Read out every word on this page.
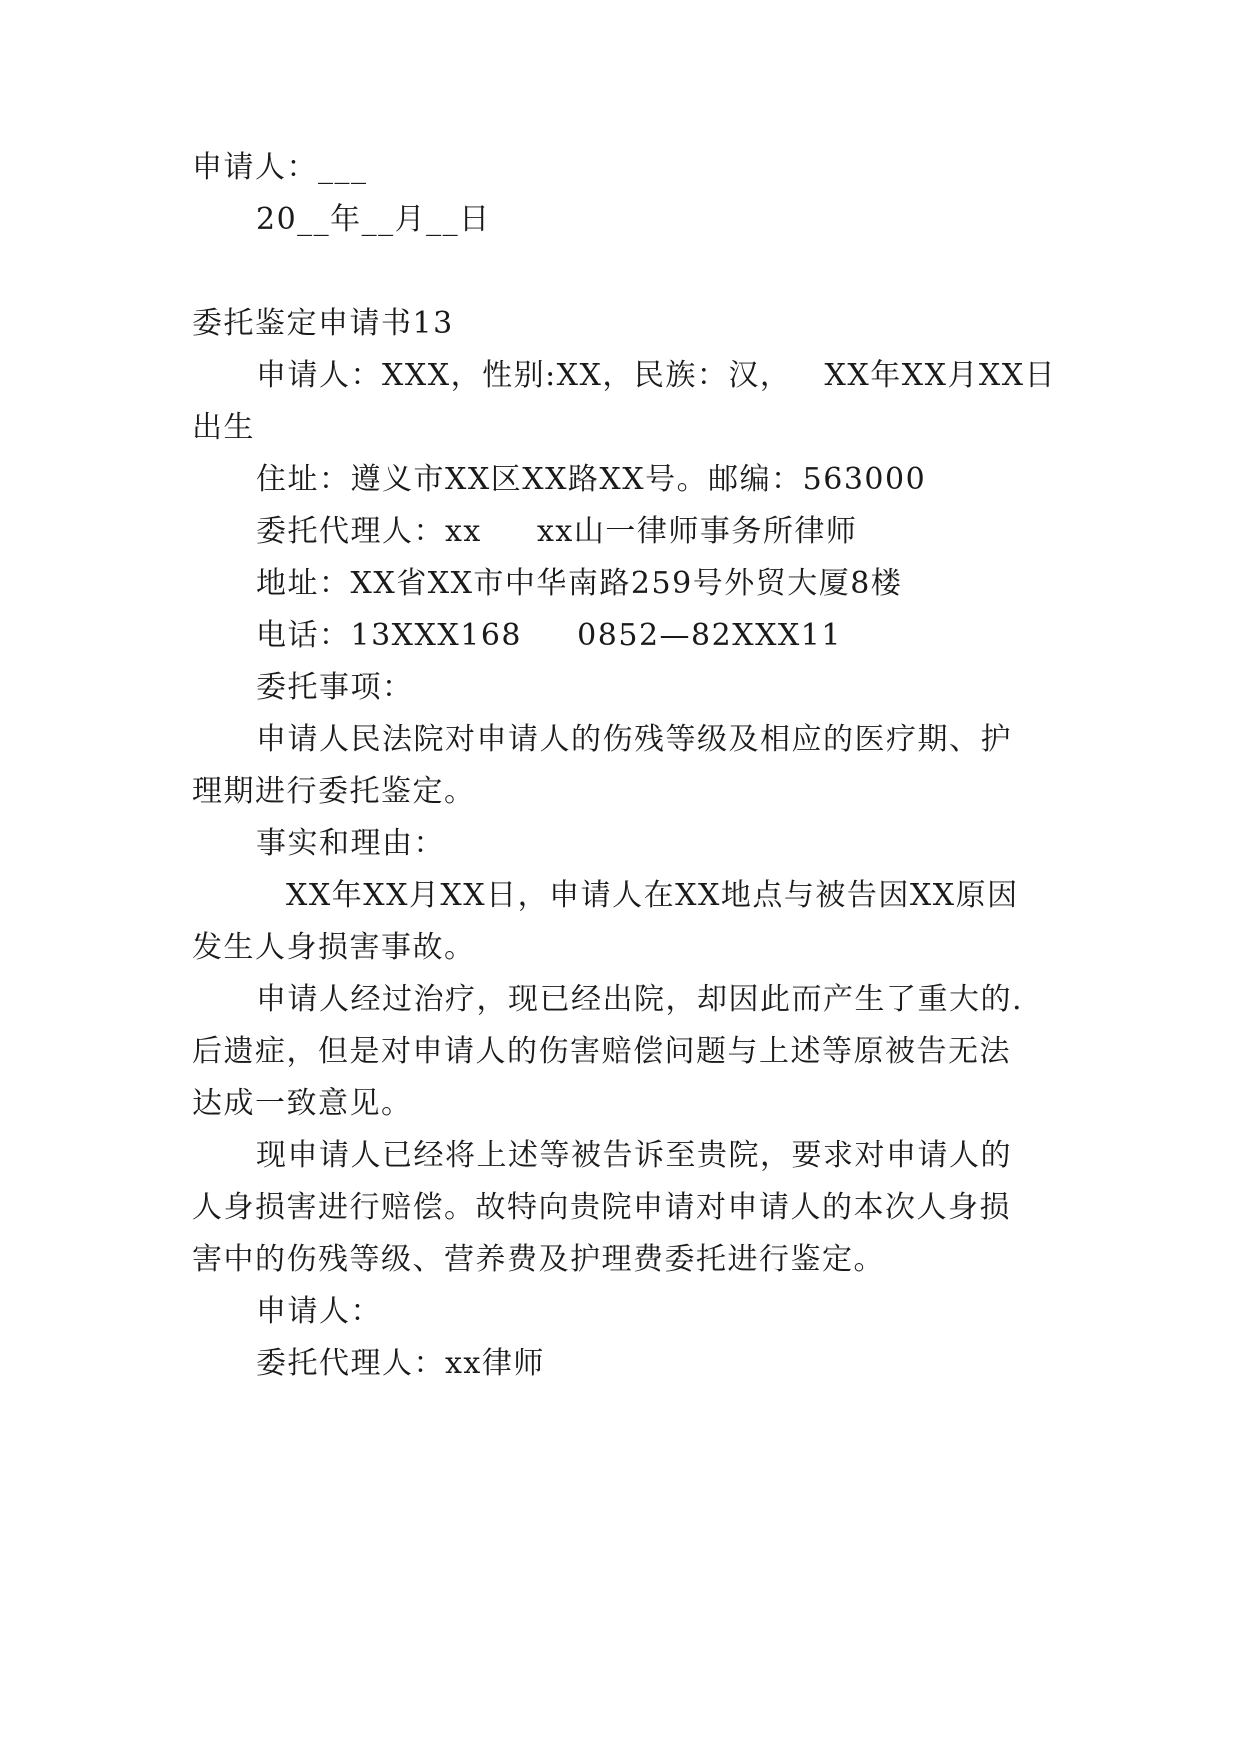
申请人：___
20__年__月__日
委托鉴定申请书13
申请人：XXX，性别:XX，民族：汉，   XX年XX月XX日
出生
住址：遵义市XX区XX路XX号。邮编：563000
委托代理人：xx     xx山一律师事务所律师
地址：XX省XX市中华南路259号外贸大厦8楼
电话：13XXX168     0852—82XXX11
委托事项：
申请人民法院对申请人的伤残等级及相应的医疗期、护
理期进行委托鉴定。
事实和理由：
XX年XX月XX日，申请人在XX地点与被告因XX原因
发生人身损害事故。
申请人经过治疗，现已经出院，却因此而产生了重大的.
后遗症，但是对申请人的伤害赔偿问题与上述等原被告无法
达成一致意见。
现申请人已经将上述等被告诉至贵院，要求对申请人的
人身损害进行赔偿。故特向贵院申请对申请人的本次人身损
害中的伤残等级、营养费及护理费委托进行鉴定。
申请人：
委托代理人：xx律师
